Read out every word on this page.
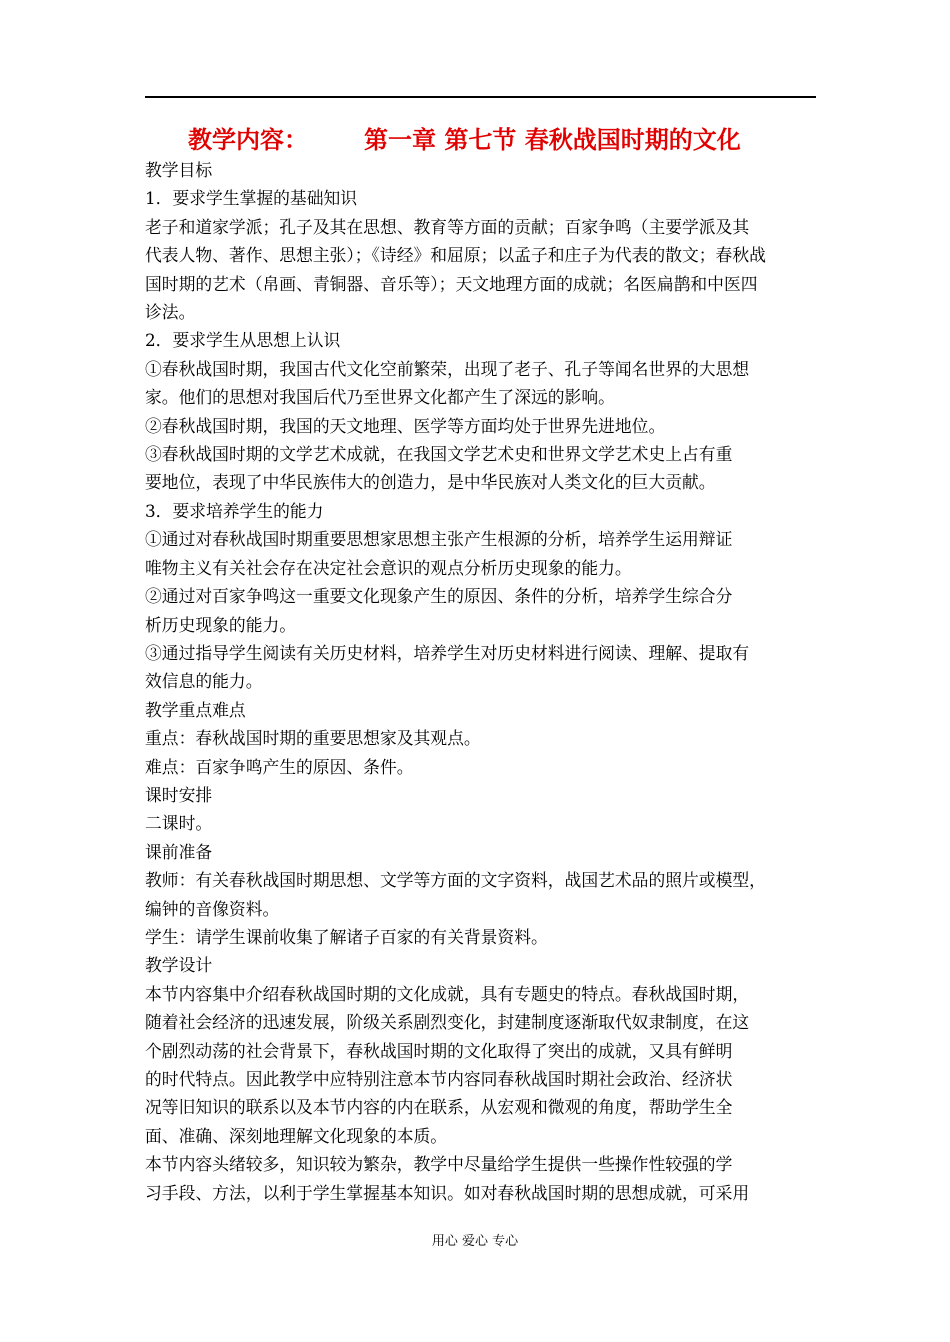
教学内容： 第一章 第七节 春秋战国时期的文化

教学目标

1．要求学生掌握的基础知识

老子和道家学派；孔子及其在思想、教育等方面的贡献；百家争鸣（主要学派及其

代表人物、著作、思想主张）；《诗经》和屈原；以孟子和庄子为代表的散文；春秋战

国时期的艺术（帛画、青铜器、音乐等）；天文地理方面的成就；名医扁鹊和中医四

诊法。

2．要求学生从思想上认识

①春秋战国时期，我国古代文化空前繁荣，出现了老子、孔子等闻名世界的大思想

家。他们的思想对我国后代乃至世界文化都产生了深远的影响。

②春秋战国时期，我国的天文地理、医学等方面均处于世界先进地位。

③春秋战国时期的文学艺术成就，在我国文学艺术史和世界文学艺术史上占有重

要地位，表现了中华民族伟大的创造力，是中华民族对人类文化的巨大贡献。

3．要求培养学生的能力

①通过对春秋战国时期重要思想家思想主张产生根源的分析，培养学生运用辩证

唯物主义有关社会存在决定社会意识的观点分析历史现象的能力。

②通过对百家争鸣这一重要文化现象产生的原因、条件的分析，培养学生综合分

析历史现象的能力。

③通过指导学生阅读有关历史材料，培养学生对历史材料进行阅读、理解、提取有

效信息的能力。

教学重点难点

重点：春秋战国时期的重要思想家及其观点。

难点：百家争鸣产生的原因、条件。

课时安排

二课时。

课前准备

教师：有关春秋战国时期思想、文学等方面的文字资料，战国艺术品的照片或模型，

编钟的音像资料。

学生：请学生课前收集了解诸子百家的有关背景资料。

教学设计

本节内容集中介绍春秋战国时期的文化成就，具有专题史的特点。春秋战国时期，

随着社会经济的迅速发展，阶级关系剧烈变化，封建制度逐渐取代奴隶制度，在这

个剧烈动荡的社会背景下，春秋战国时期的文化取得了突出的成就，又具有鲜明

的时代特点。因此教学中应特别注意本节内容同春秋战国时期社会政治、经济状

况等旧知识的联系以及本节内容的内在联系，从宏观和微观的角度，帮助学生全

面、准确、深刻地理解文化现象的本质。

本节内容头绪较多，知识较为繁杂，教学中尽量给学生提供一些操作性较强的学

习手段、方法，以利于学生掌握基本知识。如对春秋战国时期的思想成就，可采用

用心 爱心 专心
